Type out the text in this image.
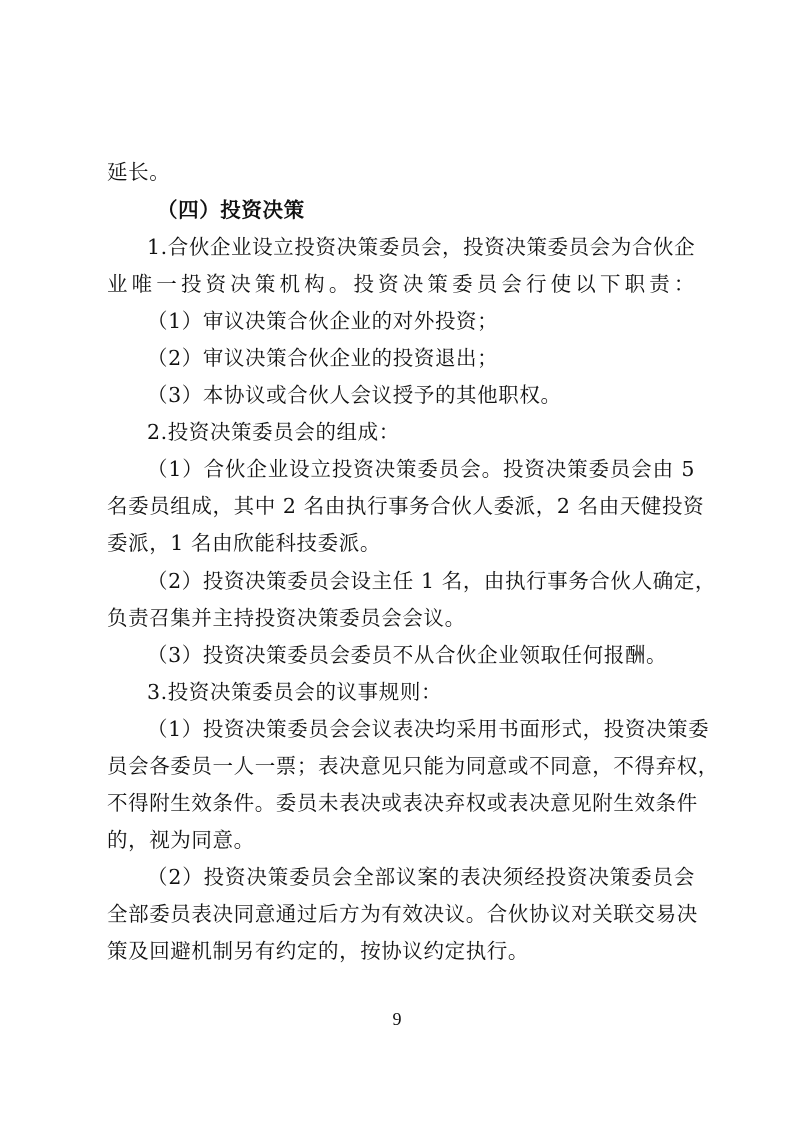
延长。
（四）投资决策
1.合伙企业设立投资决策委员会，投资决策委员会为合伙企
业唯一投资决策机构。投资决策委员会行使以下职责：
（1）审议决策合伙企业的对外投资；
（2）审议决策合伙企业的投资退出；
（3）本协议或合伙人会议授予的其他职权。
2.投资决策委员会的组成：
（1）合伙企业设立投资决策委员会。投资决策委员会由 5
名委员组成，其中 2 名由执行事务合伙人委派，2 名由天健投资
委派，1 名由欣能科技委派。
（2）投资决策委员会设主任 1 名，由执行事务合伙人确定，
负责召集并主持投资决策委员会会议。
（3）投资决策委员会委员不从合伙企业领取任何报酬。
3.投资决策委员会的议事规则：
（1）投资决策委员会会议表决均采用书面形式，投资决策委
员会各委员一人一票；表决意见只能为同意或不同意，不得弃权，
不得附生效条件。委员未表决或表决弃权或表决意见附生效条件
的，视为同意。
（2）投资决策委员会全部议案的表决须经投资决策委员会
全部委员表决同意通过后方为有效决议。合伙协议对关联交易决
策及回避机制另有约定的，按协议约定执行。
9
